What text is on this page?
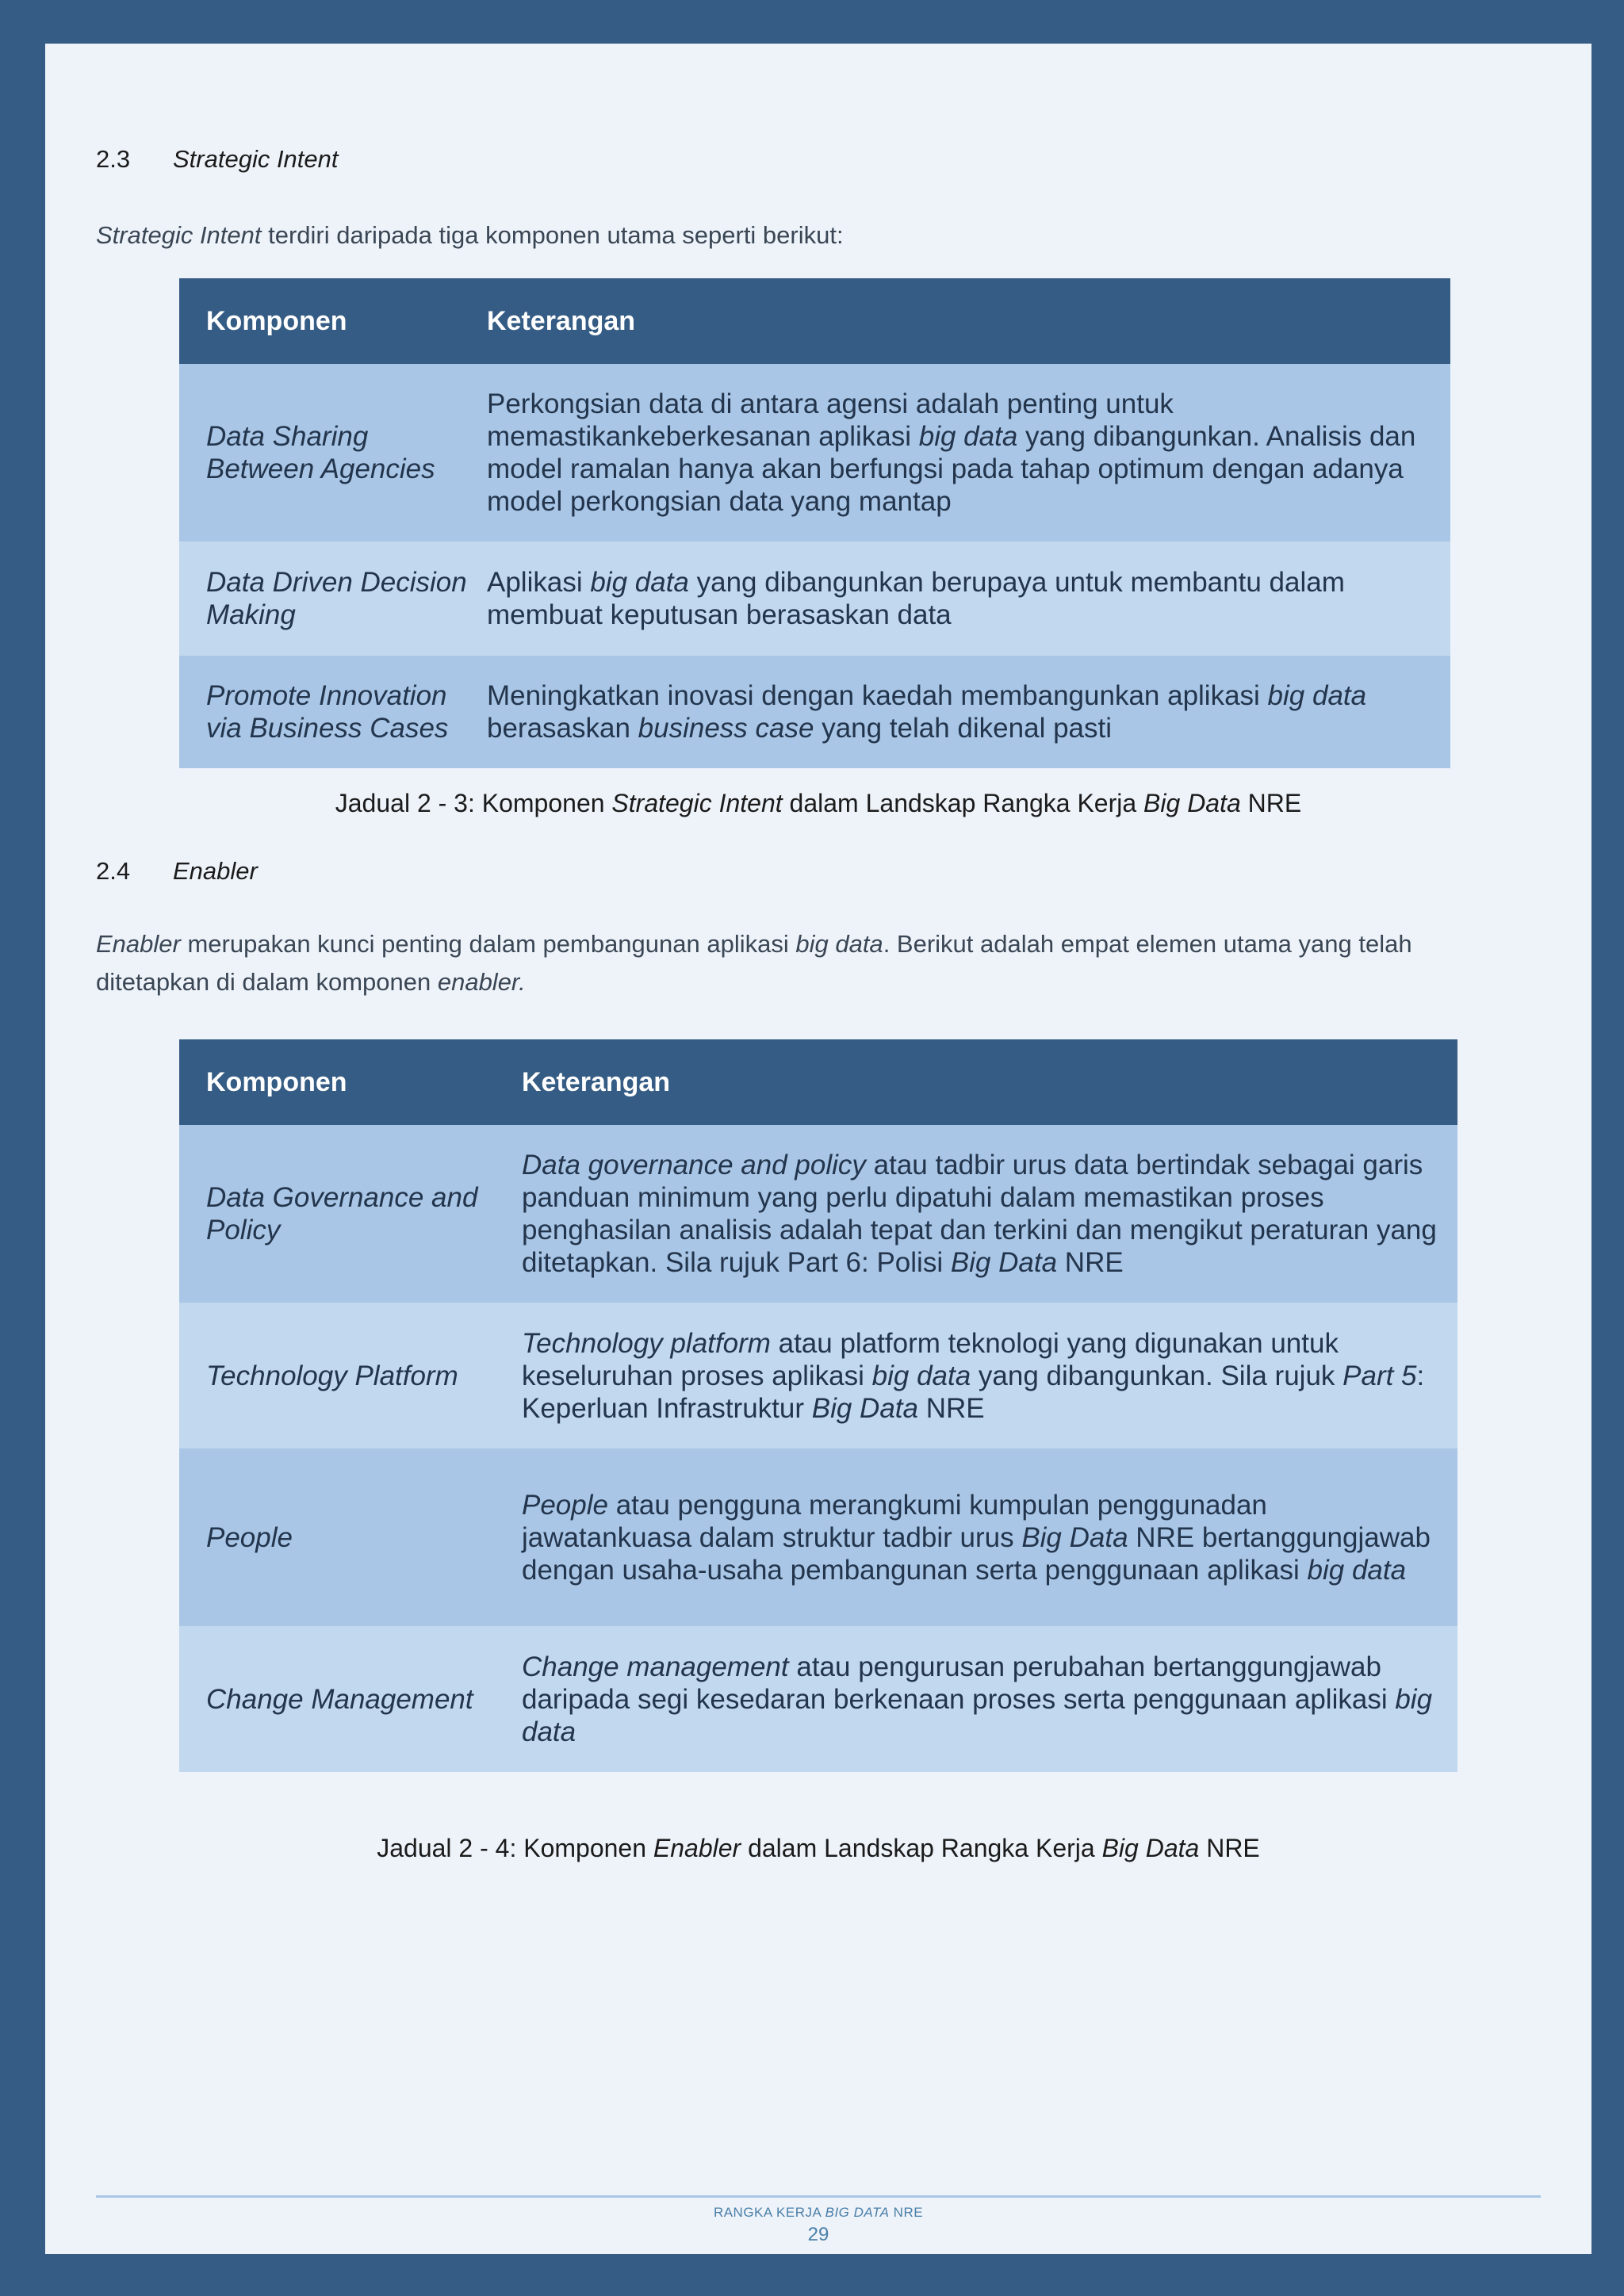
2.3 Strategic Intent
Strategic Intent terdiri daripada tiga komponen utama seperti berikut:
Komponen	Keterangan
Data Sharing
Between Agencies	Perkongsian data di antara agensi adalah penting untuk memastikankeberkesanan aplikasi big data yang dibangunkan. Analisis dan model ramalan hanya akan berfungsi pada tahap optimum dengan adanya model perkongsian data yang mantap
Data Driven Decision
Making	Aplikasi big data yang dibangunkan berupaya untuk membantu dalam membuat keputusan berasaskan data
Promote Innovation
via Business Cases	Meningkatkan inovasi dengan kaedah membangunkan aplikasi big data berasaskan business case yang telah dikenal pasti
Jadual 2 - 3: Komponen Strategic Intent dalam Landskap Rangka Kerja Big Data NRE
2.4 Enabler
Enabler merupakan kunci penting dalam pembangunan aplikasi big data. Berikut adalah empat elemen utama yang telah ditetapkan di dalam komponen enabler.
Komponen	Keterangan
Data Governance and
Policy	Data governance and policy atau tadbir urus data bertindak sebagai garis panduan minimum yang perlu dipatuhi dalam memastikan proses penghasilan analisis adalah tepat dan terkini dan mengikut peraturan yang ditetapkan. Sila rujuk Part 6: Polisi Big Data NRE
Technology Platform	Technology platform atau platform teknologi yang digunakan untuk keseluruhan proses aplikasi big data yang dibangunkan. Sila rujuk Part 5: Keperluan Infrastruktur Big Data NRE
People	People atau pengguna merangkumi kumpulan penggunadan jawatankuasa dalam struktur tadbir urus Big Data NRE bertanggungjawab dengan usaha-usaha pembangunan serta penggunaan aplikasi big data
Change Management	Change management atau pengurusan perubahan bertanggungjawab daripada segi kesedaran berkenaan proses serta penggunaan aplikasi big data
Jadual 2 - 4: Komponen Enabler dalam Landskap Rangka Kerja Big Data NRE
RANGKA KERJA BIG DATA NRE
29
